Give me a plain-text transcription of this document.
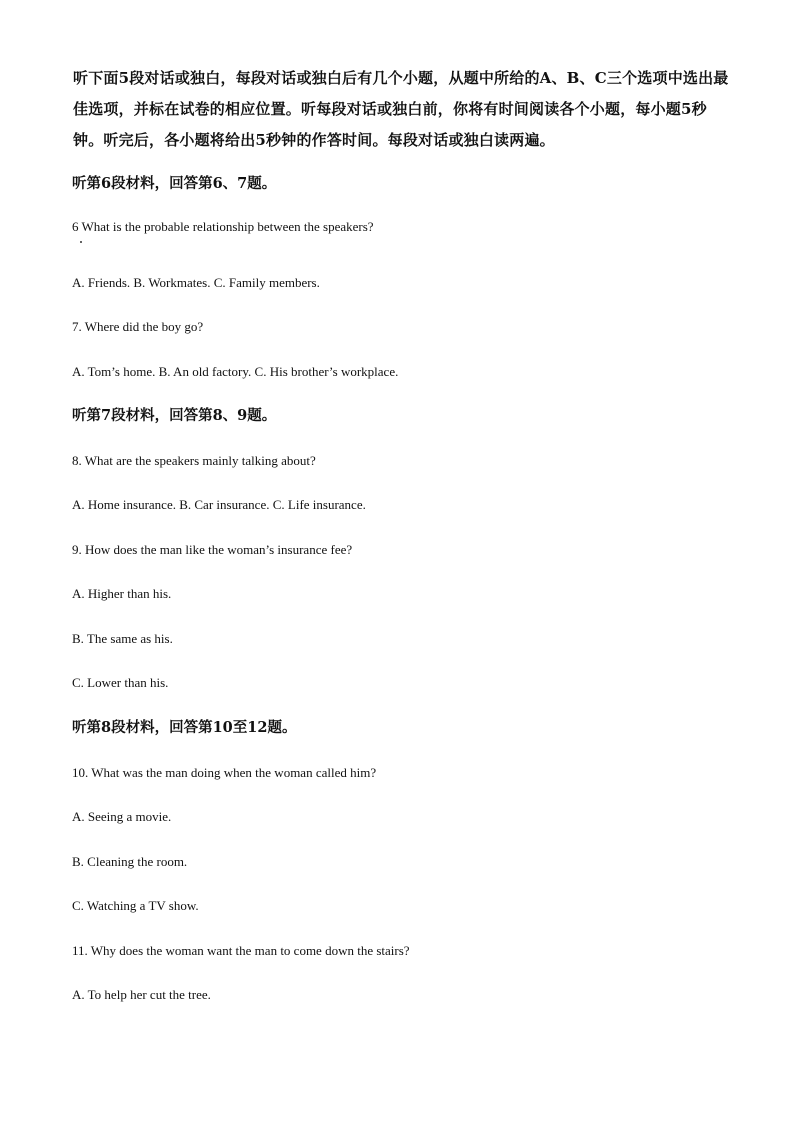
听下面5段对话或独白，每段对话或独白后有几个小题，从题中所给的A、B、C三个选项中选出最佳选项，并标在试卷的相应位置。听每段对话或独白前，你将有时间阅读各个小题，每小题5秒钟。听完后，各小题将给出5秒钟的作答时间。每段对话或独白读两遍。

听第6段材料，回答第6、7题。

6 What is the probable relationship between the speakers?

A. Friends. B. Workmates. C. Family members.

7. Where did the boy go?

A. Tom’s home. B. An old factory. C. His brother’s workplace.

听第7段材料，回答第8、9题。

8. What are the speakers mainly talking about?

A. Home insurance. B. Car insurance. C. Life insurance.

9. How does the man like the woman’s insurance fee?

A. Higher than his.

B. The same as his.

C. Lower than his.

听第8段材料，回答第10至12题。

10. What was the man doing when the woman called him?

A. Seeing a movie.

B. Cleaning the room.

C. Watching a TV show.

11. Why does the woman want the man to come down the stairs?

A. To help her cut the tree.
